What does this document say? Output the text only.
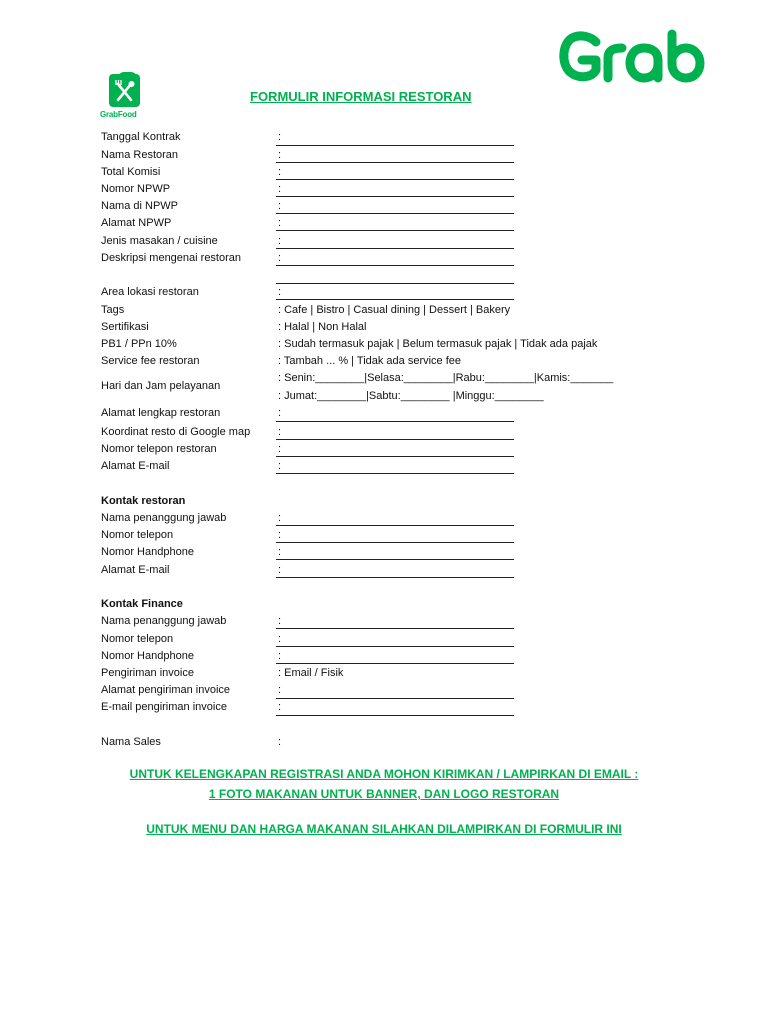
GrabFood
FORMULIR INFORMASI RESTORAN
Tanggal Kontrak	:
Nama Restoran	:
Total Komisi	:
Nomor NPWP	:
Nama di NPWP	:
Alamat NPWP	:
Jenis masakan / cuisine	:
Deskripsi mengenai restoran	:
Area lokasi restoran	:
Tags	: Cafe | Bistro | Casual dining | Dessert | Bakery
Sertifikasi	: Halal | Non Halal
PB1 / PPn 10%	: Sudah termasuk pajak | Belum termasuk pajak | Tidak ada pajak
Service fee restoran	: Tambah ... % | Tidak ada service fee
Hari dan Jam pelayanan
: Senin:________|Selasa:________|Rabu:________|Kamis:_______
: Jumat:________|Sabtu:________ |Minggu:________
Alamat lengkap restoran	:
Koordinat resto di Google map	:
Nomor telepon restoran	:
Alamat E-mail	:
Kontak restoran
Nama penanggung jawab	:
Nomor telepon	:
Nomor Handphone	:
Alamat E-mail	:
Kontak Finance
Nama penanggung jawab	:
Nomor telepon	:
Nomor Handphone	:
Pengiriman invoice	: Email / Fisik
Alamat pengiriman invoice	:
E-mail pengiriman invoice	:
Nama Sales	:
UNTUK KELENGKAPAN REGISTRASI ANDA MOHON KIRIMKAN / LAMPIRKAN DI EMAIL :
1 FOTO MAKANAN UNTUK BANNER, DAN LOGO RESTORAN
UNTUK MENU DAN HARGA MAKANAN SILAHKAN DILAMPIRKAN DI FORMULIR INI
